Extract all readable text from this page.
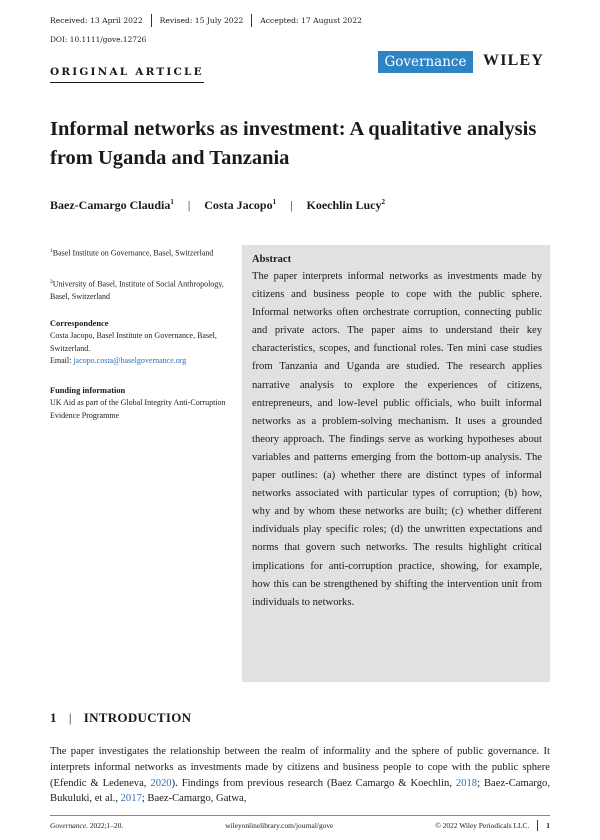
Received: 13 April 2022 Revised: 15 July 2022 Accepted: 17 August 2022
DOI: 10.1111/gove.12726
ORIGINAL ARTICLE
Governance	WILEY
Informal networks as investment: A qualitative analysis from Uganda and Tanzania
Baez-Camargo Claudia$^1$ | Costa Jacopo$^1$ | Koechlin Lucy$^2$
$^1$Basel Institute on Governance, Basel, Switzerland
$^2$University of Basel, Institute of Social Anthropology, Basel, Switzerland
Correspondence
Costa Jacopo, Basel Institute on Governance, Basel, Switzerland.
Email: jacopo.costa@baselgovernance.org
Funding information
UK Aid as part of the Global Integrity Anti-Corruption Evidence Programme
Abstract
The paper interprets informal networks as investments made by citizens and business people to cope with the public sphere. Informal networks often orchestrate corruption, connecting public and private actors. The paper aims to understand their key characteristics, scopes, and functional roles. Ten mini case studies from Tanzania and Uganda are studied. The research applies narrative analysis to explore the experiences of citizens, entrepreneurs, and low-level public officials, who built informal networks as a problem-solving mechanism. It uses a grounded theory approach. The findings serve as working hypotheses about variables and patterns emerging from the bottom-up analysis. The paper outlines: (a) whether there are distinct types of informal networks associated with particular types of corruption; (b) how, why and by whom these networks are built; (c) whether different individuals play specific roles; (d) the unwritten expectations and norms that govern such networks. The results highlight critical implications for anti-corruption practice, showing, for example, how this can be strengthened by shifting the intervention unit from individuals to networks.
1 | INTRODUCTION
The paper investigates the relationship between the realm of informality and the sphere of public governance. It interprets informal networks as investments made by citizens and business people to cope with the public sphere (Efendic & Ledeneva, 2020). Findings from previous research (Baez Camargo & Koechlin, 2018; Baez-Camargo, Bukuluki, et al., 2017; Baez-Camargo, Gatwa,
Governance. 2022;1–20.	wileyonlinelibrary.com/journal/gove	© 2022 Wiley Periodicals LLC. 1
